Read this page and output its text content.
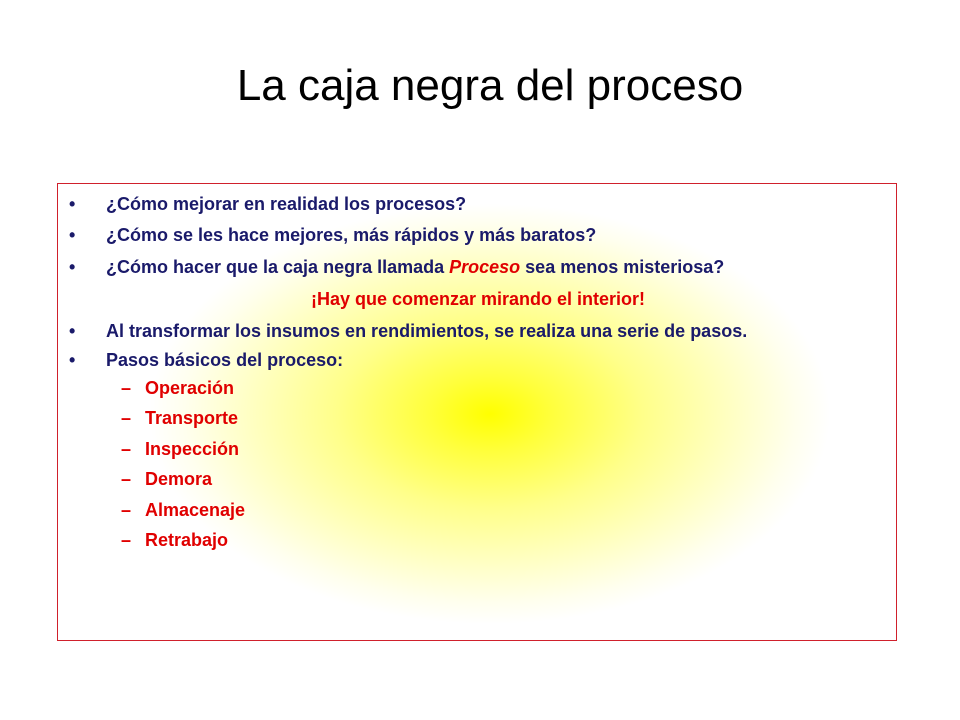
La caja negra del proceso
• ¿Cómo mejorar en realidad los procesos?
• ¿Cómo se les hace mejores, más rápidos y más baratos?
• ¿Cómo hacer que la caja negra llamada Proceso sea menos misteriosa?
¡Hay que comenzar mirando el interior!
• Al transformar los insumos en rendimientos, se realiza una serie de pasos.
• Pasos básicos del proceso:
– Operación
– Transporte
– Inspección
– Demora
– Almacenaje
– Retrabajo
